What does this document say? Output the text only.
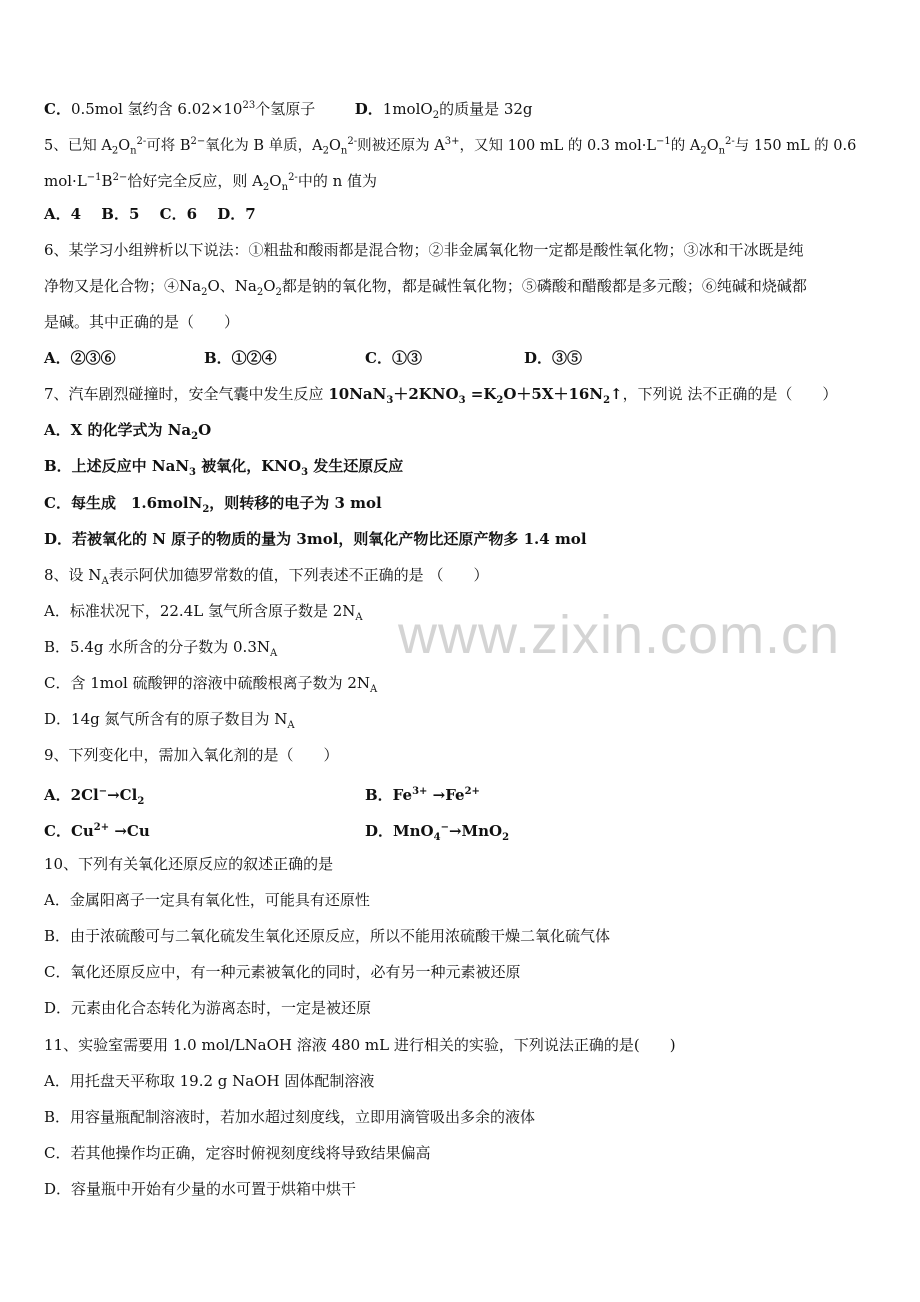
www.zixin.com.cn
C．0.5mol 氢约含 $6.02\times 10^{23}$个氢原子	D．1molO$_2$的质量是 32g
5、已知 $A_2O_n^{2-}$可将 $B^{2-}$氧化为 B 单质，$A_2O_n^{2-}$则被还原为 $A^{3+}$，又知 100 mL 的 0.3 $mol\cdot L^{-1}$的 $A_2O_n^{2-}$与 150 mL 的 0.6
$mol\cdot L^{-1}B^{2-}$恰好完全反应，则 $A_2O_n^{2-}$中的 n 值为
A．4　 B．5　 C．6　 D．7
6、某学习小组辨析以下说法：①粗盐和酸雨都是混合物；②非金属氧化物一定都是酸性氧化物；③冰和干冰既是纯
净物又是化合物；$④Na_2O$、$Na_2O_2$都是钠的氧化物，都是碱性氧化物；⑤磷酸和醋酸都是多元酸；⑥纯碱和烧碱都
是碱。其中正确的是（　　）
A．②③⑥	B．①②④	C．①③	D．③⑤
7、汽车剧烈碰撞时，安全气囊中发生反应 $10NaN_3+2KNO_3$ $=K_2O+5X+16N_2↑$，下列说 法不正确的是（　　）
A．X 的化学式为 $Na_2O$
B．上述反应中 NaN$_3$ 被氧化，$KNO_3$ 发生还原反应
C．每生成　1.6molN$_2$，则转移的电子为 3 mol
D．若被氧化的 N 原子的物质的量为 3mol，则氧化产物比还原产物多 1.4 mol
8、设 $N_A$表示阿伏加德罗常数的值，下列表述不正确的是 （　　）
A．标准状况下，22.4L 氢气所含原子数是 $2N_A$
B．5.4g 水所含的分子数为 $0.3N_A$
C．含 1mol 硫酸钾的溶液中硫酸根离子数为 $2N_A$
D．14g 氮气所含有的原子数目为 $N_A$
9、下列变化中，需加入氧化剂的是（　　）
A．$2Cl^-\to Cl_2$	B．$Fe^{3+} \to Fe^{2+}$
C．$Cu^{2+} \to Cu$	D．MnO$_4$−→MnO$_2$
10、下列有关氧化还原反应的叙述正确的是
A．金属阳离子一定具有氧化性，可能具有还原性
B．由于浓硫酸可与二氧化硫发生氧化还原反应，所以不能用浓硫酸干燥二氧化硫气体
C．氧化还原反应中，有一种元素被氧化的同时，必有另一种元素被还原
D．元素由化合态转化为游离态时，一定是被还原
11、实验室需要用 1.0 mol/LNaOH 溶液 480 mL 进行相关的实验，下列说法正确的是(　　)
A．用托盘天平称取 19.2 g NaOH 固体配制溶液
B．用容量瓶配制溶液时，若加水超过刻度线，立即用滴管吸出多余的液体
C．若其他操作均正确，定容时俯视刻度线将导致结果偏高
D．容量瓶中开始有少量的水可置于烘箱中烘干
